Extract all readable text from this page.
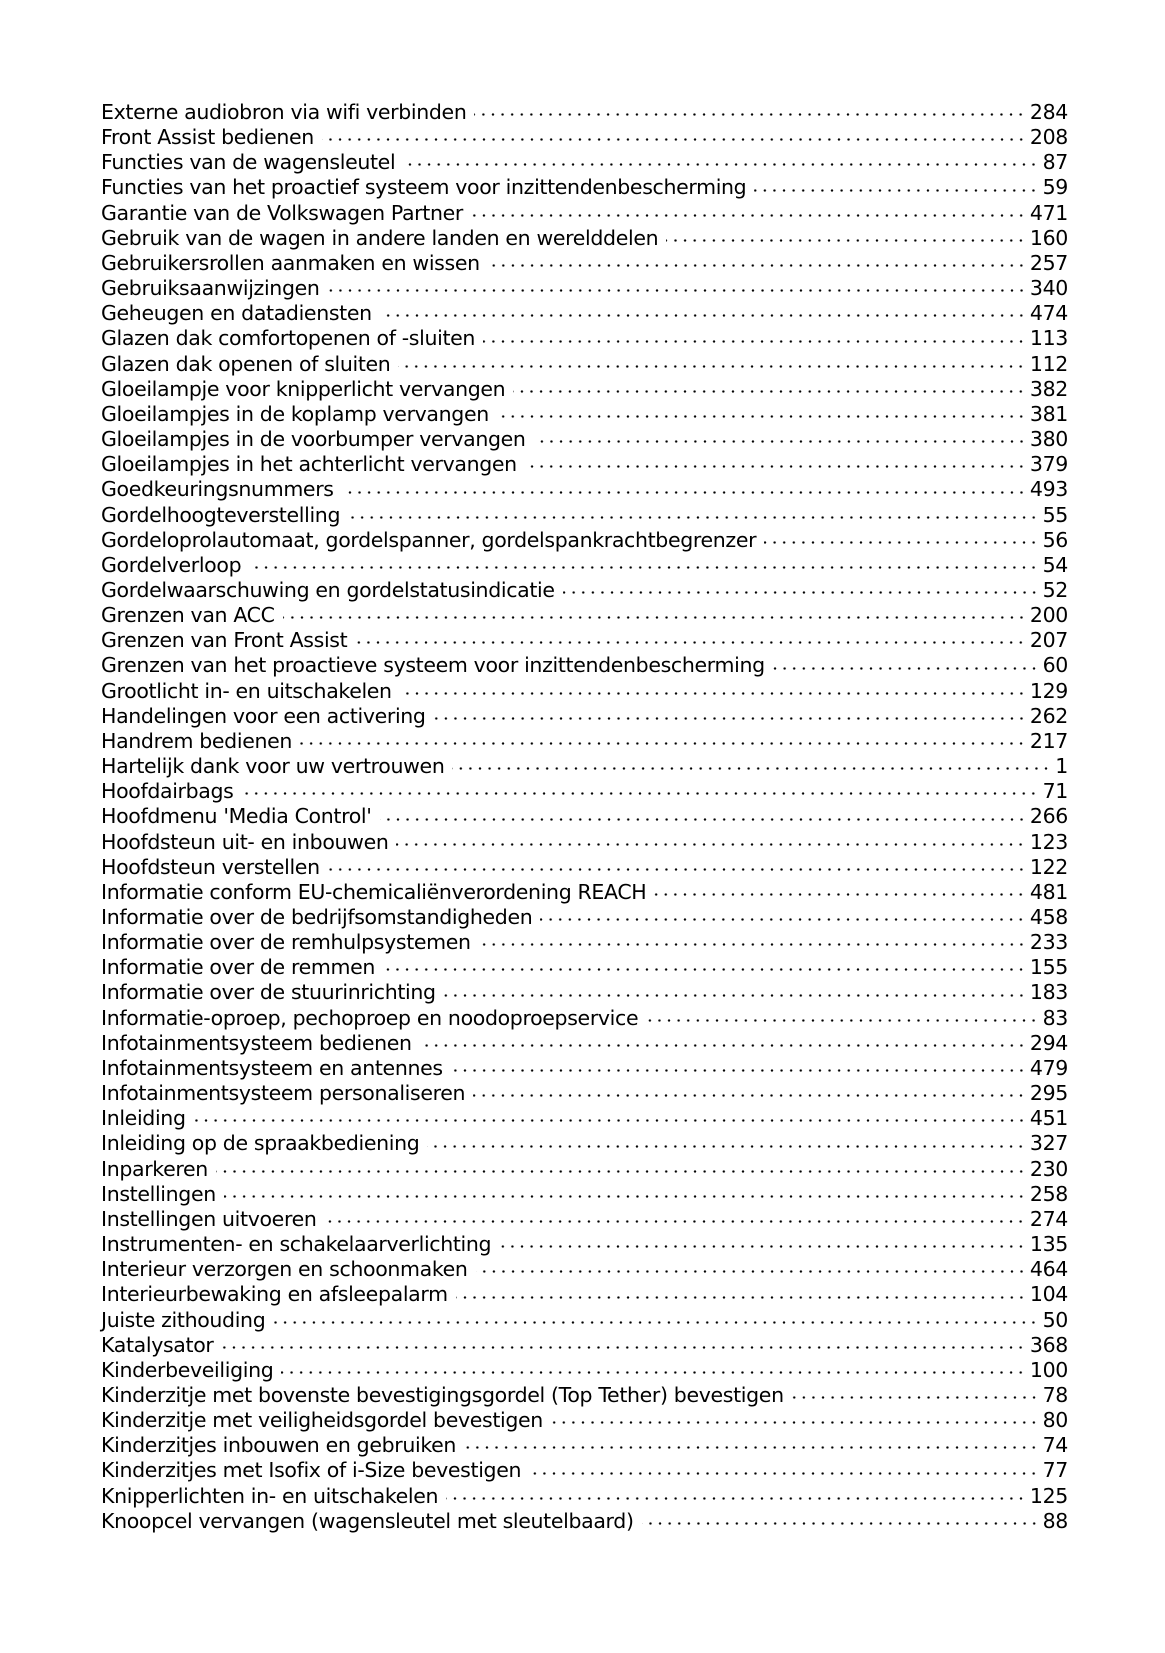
Externe audiobron via wifi verbinden	284
Front Assist bedienen	208
Functies van de wagensleutel	87
Functies van het proactief systeem voor inzittendenbescherming	59
Garantie van de Volkswagen Partner	471
Gebruik van de wagen in andere landen en werelddelen	160
Gebruikersrollen aanmaken en wissen	257
Gebruiksaanwijzingen	340
Geheugen en datadiensten	474
Glazen dak comfortopenen of -sluiten	113
Glazen dak openen of sluiten	112
Gloeilampje voor knipperlicht vervangen	382
Gloeilampjes in de koplamp vervangen	381
Gloeilampjes in de voorbumper vervangen	380
Gloeilampjes in het achterlicht vervangen	379
Goedkeuringsnummers	493
Gordelhoogteverstelling	55
Gordeloprolautomaat, gordelspanner, gordelspankrachtbegrenzer	56
Gordelverloop	54
Gordelwaarschuwing en gordelstatusindicatie	52
Grenzen van ACC	200
Grenzen van Front Assist	207
Grenzen van het proactieve systeem voor inzittendenbescherming	60
Grootlicht in- en uitschakelen	129
Handelingen voor een activering	262
Handrem bedienen	217
Hartelijk dank voor uw vertrouwen	1
Hoofdairbags	71
Hoofdmenu 'Media Control'	266
Hoofdsteun uit- en inbouwen	123
Hoofdsteun verstellen	122
Informatie conform EU-chemicaliënverordening REACH	481
Informatie over de bedrijfsomstandigheden	458
Informatie over de remhulpsystemen	233
Informatie over de remmen	155
Informatie over de stuurinrichting	183
Informatie-oproep, pechoproep en noodoproepservice	83
Infotainmentsysteem bedienen	294
Infotainmentsysteem en antennes	479
Infotainmentsysteem personaliseren	295
Inleiding	451
Inleiding op de spraakbediening	327
Inparkeren	230
Instellingen	258
Instellingen uitvoeren	274
Instrumenten- en schakelaarverlichting	135
Interieur verzorgen en schoonmaken	464
Interieurbewaking en afsleepalarm	104
Juiste zithouding	50
Katalysator	368
Kinderbeveiliging	100
Kinderzitje met bovenste bevestigingsgordel (Top Tether) bevestigen	78
Kinderzitje met veiligheidsgordel bevestigen	80
Kinderzitjes inbouwen en gebruiken	74
Kinderzitjes met Isofix of i-Size bevestigen	77
Knipperlichten in- en uitschakelen	125
Knoopcel vervangen (wagensleutel met sleutelbaard)	88
